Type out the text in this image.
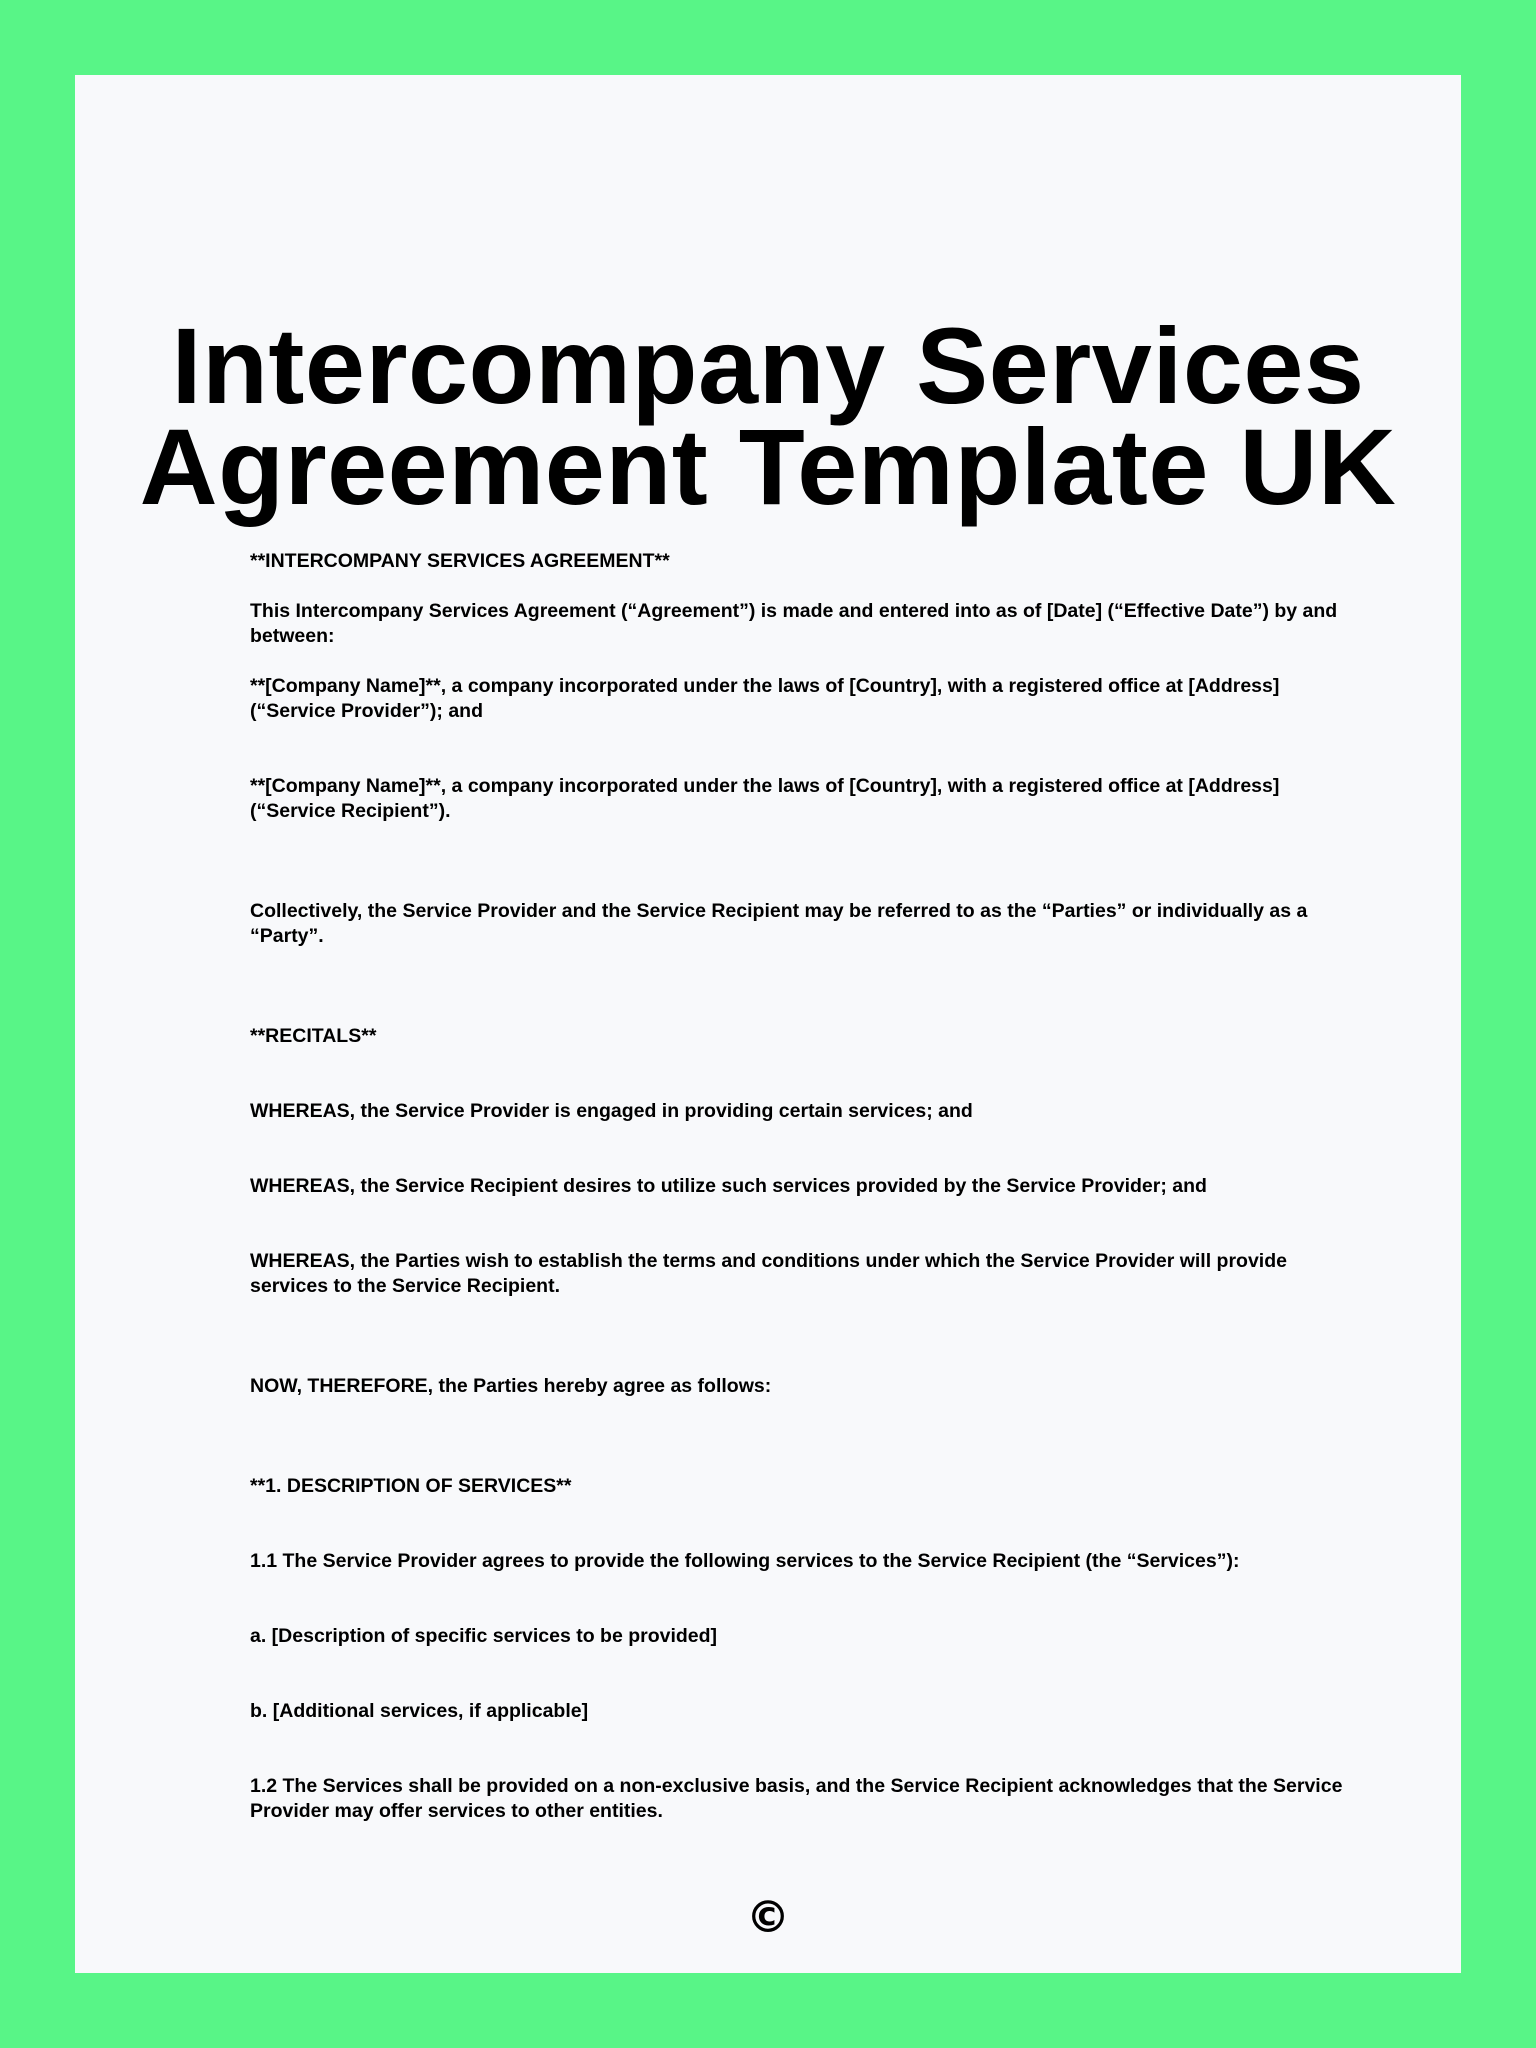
Intercompany Services
Agreement Template UK

**INTERCOMPANY SERVICES AGREEMENT**

This Intercompany Services Agreement (“Agreement”) is made and entered into as of [Date] (“Effective Date”) by and between:

**[Company Name]**, a company incorporated under the laws of [Country], with a registered office at [Address] (“Service Provider”); and

**[Company Name]**, a company incorporated under the laws of [Country], with a registered office at [Address] (“Service Recipient”).

Collectively, the Service Provider and the Service Recipient may be referred to as the “Parties” or individually as a “Party”.

**RECITALS**

WHEREAS, the Service Provider is engaged in providing certain services; and

WHEREAS, the Service Recipient desires to utilize such services provided by the Service Provider; and

WHEREAS, the Parties wish to establish the terms and conditions under which the Service Provider will provide services to the Service Recipient.

NOW, THEREFORE, the Parties hereby agree as follows:

**1. DESCRIPTION OF SERVICES**

1.1 The Service Provider agrees to provide the following services to the Service Recipient (the “Services”):

a. [Description of specific services to be provided]

b. [Additional services, if applicable]

1.2 The Services shall be provided on a non-exclusive basis, and the Service Recipient acknowledges that the Service Provider may offer services to other entities.

©
